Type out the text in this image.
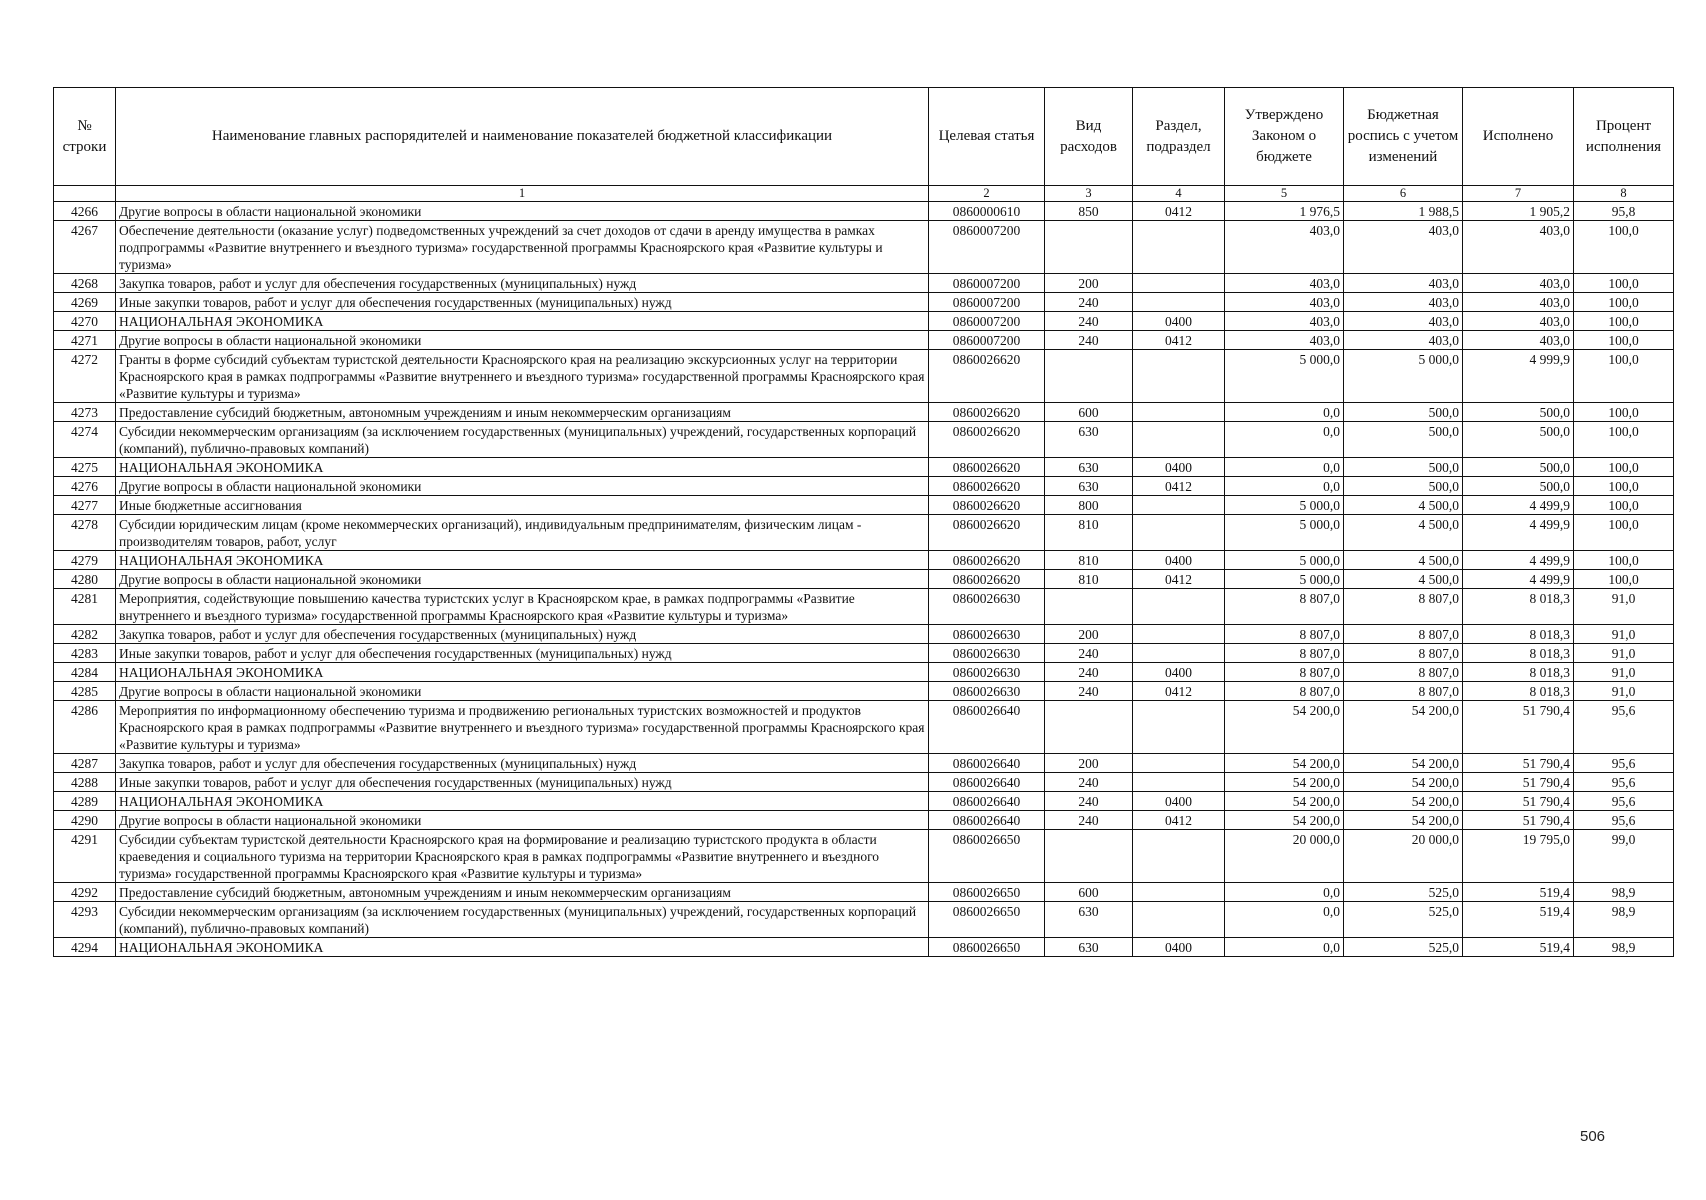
№ строки	Наименование главных распорядителей и наименование показателей бюджетной классификации	Целевая статья	Вид расходов	Раздел, подраздел	Утверждено Законом о бюджете	Бюджетная роспись с учетом изменений	Исполнено	Процент исполнения
	1	2	3	4	5	6	7	8
4266	Другие вопросы в области национальной экономики	0860000610	850	0412	1 976,5	1 988,5	1 905,2	95,8
4267	Обеспечение деятельности (оказание услуг) подведомственных учреждений за счет доходов от сдачи в аренду имущества в рамках подпрограммы «Развитие внутреннего и въездного туризма» государственной программы Красноярского края «Развитие культуры и туризма»	0860007200			403,0	403,0	403,0	100,0
4268	Закупка товаров, работ и услуг для обеспечения государственных (муниципальных) нужд	0860007200	200		403,0	403,0	403,0	100,0
4269	Иные закупки товаров, работ и услуг для обеспечения государственных (муниципальных) нужд	0860007200	240		403,0	403,0	403,0	100,0
4270	НАЦИОНАЛЬНАЯ ЭКОНОМИКА	0860007200	240	0400	403,0	403,0	403,0	100,0
4271	Другие вопросы в области национальной экономики	0860007200	240	0412	403,0	403,0	403,0	100,0
4272	Гранты в форме субсидий субъектам туристской деятельности Красноярского края на реализацию экскурсионных услуг на территории Красноярского края в рамках подпрограммы «Развитие внутреннего и въездного туризма» государственной программы Красноярского края «Развитие культуры и туризма»	0860026620			5 000,0	5 000,0	4 999,9	100,0
4273	Предоставление субсидий бюджетным, автономным учреждениям и иным некоммерческим организациям	0860026620	600		0,0	500,0	500,0	100,0
4274	Субсидии некоммерческим организациям (за исключением государственных (муниципальных) учреждений, государственных корпораций (компаний), публично-правовых компаний)	0860026620	630		0,0	500,0	500,0	100,0
4275	НАЦИОНАЛЬНАЯ ЭКОНОМИКА	0860026620	630	0400	0,0	500,0	500,0	100,0
4276	Другие вопросы в области национальной экономики	0860026620	630	0412	0,0	500,0	500,0	100,0
4277	Иные бюджетные ассигнования	0860026620	800		5 000,0	4 500,0	4 499,9	100,0
4278	Субсидии юридическим лицам (кроме некоммерческих организаций), индивидуальным предпринимателям, физическим лицам - производителям товаров, работ, услуг	0860026620	810		5 000,0	4 500,0	4 499,9	100,0
4279	НАЦИОНАЛЬНАЯ ЭКОНОМИКА	0860026620	810	0400	5 000,0	4 500,0	4 499,9	100,0
4280	Другие вопросы в области национальной экономики	0860026620	810	0412	5 000,0	4 500,0	4 499,9	100,0
4281	Мероприятия, содействующие повышению качества туристских услуг в Красноярском крае, в рамках подпрограммы «Развитие внутреннего и въездного туризма» государственной программы Красноярского края «Развитие культуры и туризма»	0860026630			8 807,0	8 807,0	8 018,3	91,0
4282	Закупка товаров, работ и услуг для обеспечения государственных (муниципальных) нужд	0860026630	200		8 807,0	8 807,0	8 018,3	91,0
4283	Иные закупки товаров, работ и услуг для обеспечения государственных (муниципальных) нужд	0860026630	240		8 807,0	8 807,0	8 018,3	91,0
4284	НАЦИОНАЛЬНАЯ ЭКОНОМИКА	0860026630	240	0400	8 807,0	8 807,0	8 018,3	91,0
4285	Другие вопросы в области национальной экономики	0860026630	240	0412	8 807,0	8 807,0	8 018,3	91,0
4286	Мероприятия по информационному обеспечению туризма и продвижению региональных туристских возможностей и продуктов Красноярского края в рамках подпрограммы «Развитие внутреннего и въездного туризма» государственной программы Красноярского края «Развитие культуры и туризма»	0860026640			54 200,0	54 200,0	51 790,4	95,6
4287	Закупка товаров, работ и услуг для обеспечения государственных (муниципальных) нужд	0860026640	200		54 200,0	54 200,0	51 790,4	95,6
4288	Иные закупки товаров, работ и услуг для обеспечения государственных (муниципальных) нужд	0860026640	240		54 200,0	54 200,0	51 790,4	95,6
4289	НАЦИОНАЛЬНАЯ ЭКОНОМИКА	0860026640	240	0400	54 200,0	54 200,0	51 790,4	95,6
4290	Другие вопросы в области национальной экономики	0860026640	240	0412	54 200,0	54 200,0	51 790,4	95,6
4291	Субсидии субъектам туристской деятельности Красноярского края на формирование и реализацию туристского продукта в области краеведения и социального туризма на территории Красноярского края в рамках подпрограммы «Развитие внутреннего и въездного туризма» государственной программы Красноярского края «Развитие культуры и туризма»	0860026650			20 000,0	20 000,0	19 795,0	99,0
4292	Предоставление субсидий бюджетным, автономным учреждениям и иным некоммерческим организациям	0860026650	600		0,0	525,0	519,4	98,9
4293	Субсидии некоммерческим организациям (за исключением государственных (муниципальных) учреждений, государственных корпораций (компаний), публично-правовых компаний)	0860026650	630		0,0	525,0	519,4	98,9
4294	НАЦИОНАЛЬНАЯ ЭКОНОМИКА	0860026650	630	0400	0,0	525,0	519,4	98,9
506
